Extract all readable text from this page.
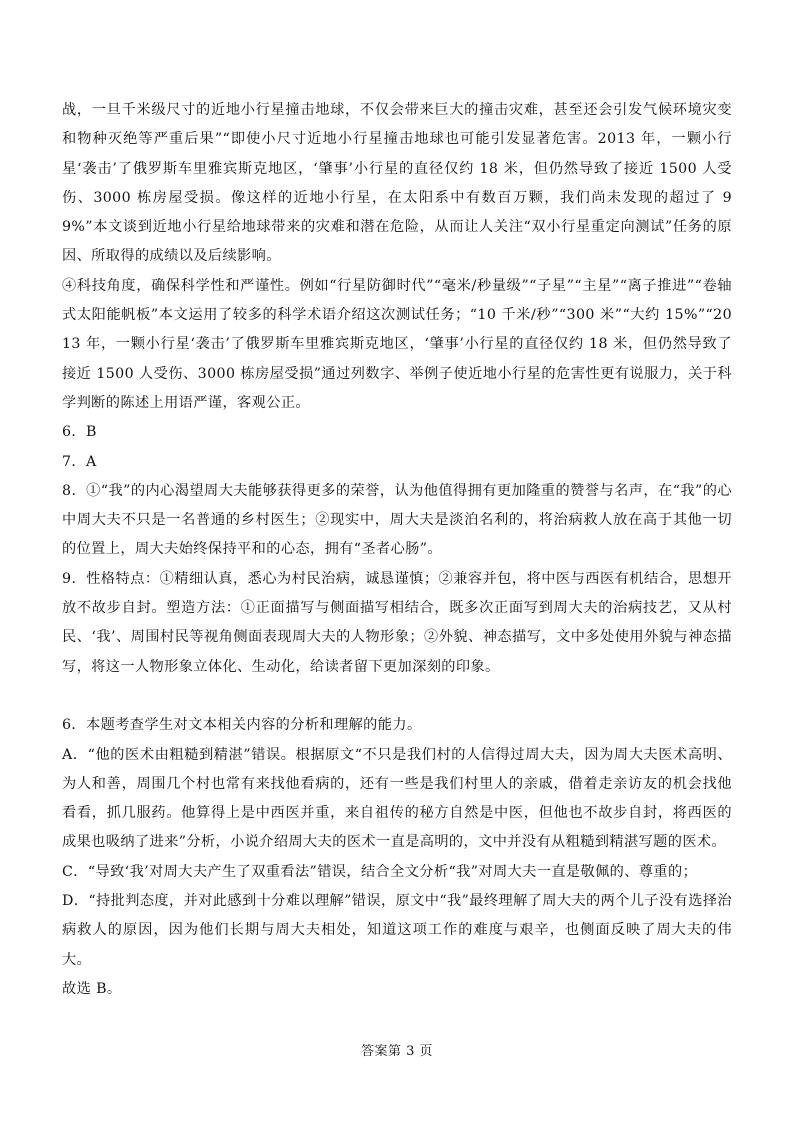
战，一旦千米级尺寸的近地小行星撞击地球，不仅会带来巨大的撞击灾难，甚至还会引发气候环境灾变和物种灭绝等严重后果”“即使小尺寸近地小行星撞击地球也可能引发显著危害。2013 年，一颗小行星‘袭击’了俄罗斯车里雅宾斯克地区，‘肇事’小行星的直径仅约 18 米，但仍然导致了接近 1500 人受伤、3000 栋房屋受损。像这样的近地小行星，在太阳系中有数百万颗，我们尚未发现的超过了 99%”本文谈到近地小行星给地球带来的灾难和潜在危险，从而让人关注“双小行星重定向测试”任务的原因、所取得的成绩以及后续影响。

④科技角度，确保科学性和严谨性。例如“行星防御时代”“毫米/秒量级”“子星”“主星”“离子推进”“卷轴式太阳能帆板”本文运用了较多的科学术语介绍这次测试任务；“10 千米/秒”“300 米”“大约 15%”“2013 年，一颗小行星‘袭击’了俄罗斯车里雅宾斯克地区，‘肇事’小行星的直径仅约 18 米，但仍然导致了接近 1500 人受伤、3000 栋房屋受损”通过列数字、举例子使近地小行星的危害性更有说服力，关于科学判断的陈述上用语严谨，客观公正。

6．B

7．A

8．①“我”的内心渴望周大夫能够获得更多的荣誉，认为他值得拥有更加隆重的赞誉与名声，在“我”的心中周大夫不只是一名普通的乡村医生；②现实中，周大夫是淡泊名利的，将治病救人放在高于其他一切的位置上，周大夫始终保持平和的心态，拥有“圣者心肠”。

9．性格特点：①精细认真，悉心为村民治病，诚恳谨慎；②兼容并包，将中医与西医有机结合，思想开放不故步自封。塑造方法：①正面描写与侧面描写相结合，既多次正面写到周大夫的治病技艺，又从村民、‘我’、周围村民等视角侧面表现周大夫的人物形象；②外貌、神态描写，文中多处使用外貌与神态描写，将这一人物形象立体化、生动化，给读者留下更加深刻的印象。

6．本题考查学生对文本相关内容的分析和理解的能力。

A．“他的医术由粗糙到精湛”错误。根据原文“不只是我们村的人信得过周大夫，因为周大夫医术高明、为人和善，周围几个村也常有来找他看病的，还有一些是我们村里人的亲戚，借着走亲访友的机会找他看看，抓几服药。他算得上是中西医并重，来自祖传的秘方自然是中医，但他也不故步自封，将西医的成果也吸纳了进来”分析，小说介绍周大夫的医术一直是高明的，文中并没有从粗糙到精湛写题的医术。

C．“导致‘我’对周大夫产生了双重看法”错误，结合全文分析“我”对周大夫一直是敬佩的、尊重的；

D．“持批判态度，并对此感到十分难以理解”错误，原文中“我”最终理解了周大夫的两个儿子没有选择治病救人的原因，因为他们长期与周大夫相处，知道这项工作的难度与艰辛，也侧面反映了周大夫的伟大。

故选 B。

答案第 3 页
